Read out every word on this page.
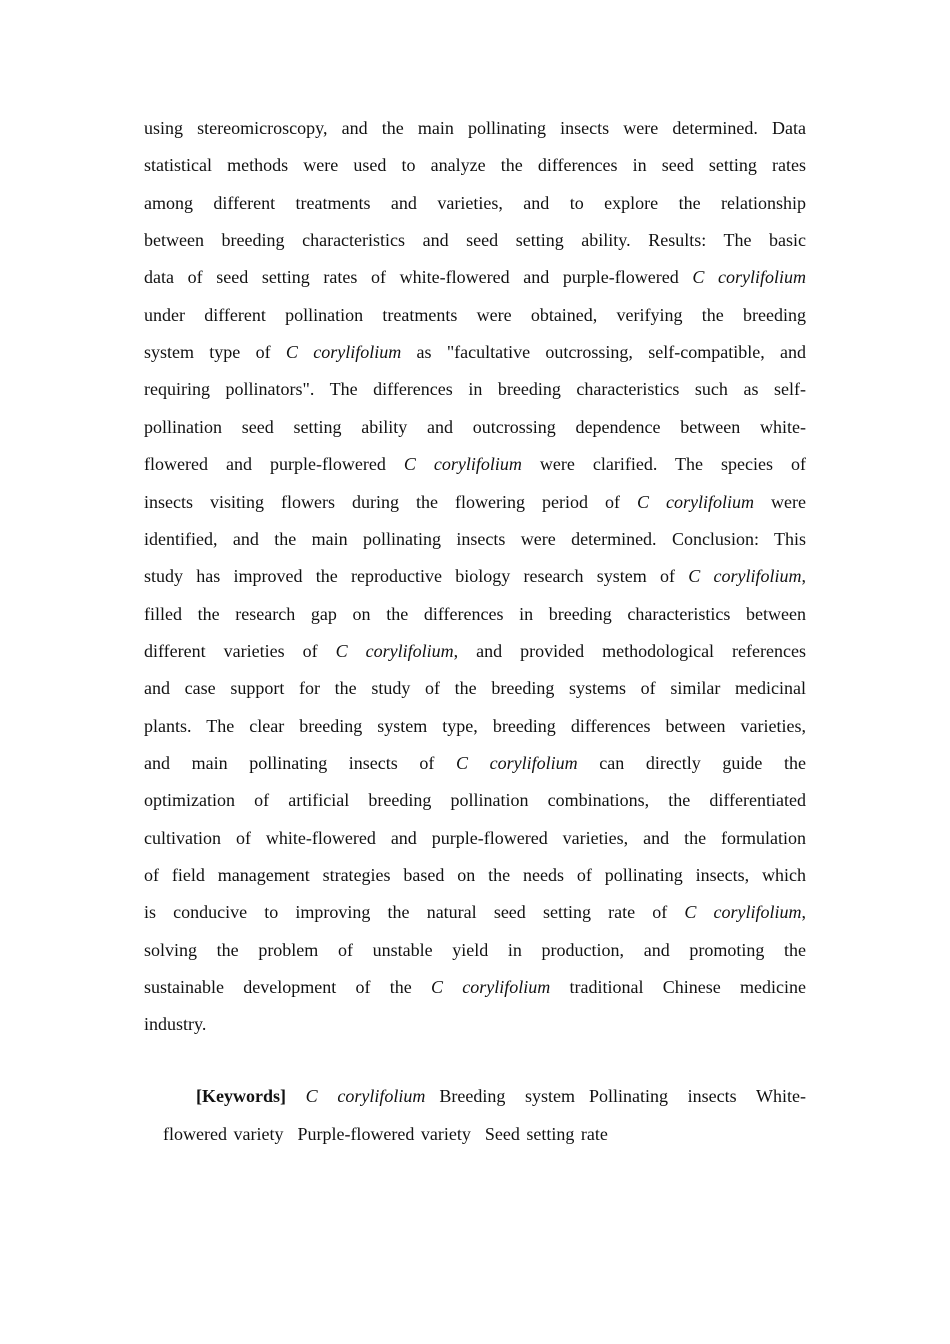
using stereomicroscopy, and the main pollinating insects were determined. Data
statistical methods were used to analyze the differences in seed setting rates
among different treatments and varieties, and to explore the relationship
between breeding characteristics and seed setting ability. Results: The basic
data of seed setting rates of white-flowered and purple-flowered C corylifolium
under different pollination treatments were obtained, verifying the breeding
system type of C corylifolium as "facultative outcrossing, self-compatible, and
requiring pollinators". The differences in breeding characteristics such as self-
pollination seed setting ability and outcrossing dependence between white-
flowered and purple-flowered C corylifolium were clarified. The species of
insects visiting flowers during the flowering period of C corylifolium were
identified, and the main pollinating insects were determined. Conclusion: This
study has improved the reproductive biology research system of C corylifolium,
filled the research gap on the differences in breeding characteristics between
different varieties of C corylifolium, and provided methodological references
and case support for the study of the breeding systems of similar medicinal
plants. The clear breeding system type, breeding differences between varieties,
and main pollinating insects of C corylifolium can directly guide the
optimization of artificial breeding pollination combinations, the differentiated
cultivation of white-flowered and purple-flowered varieties, and the formulation
of field management strategies based on the needs of pollinating insects, which
is conducive to improving the natural seed setting rate of C corylifolium,
solving the problem of unstable yield in production, and promoting the
sustainable development of the C corylifolium traditional Chinese medicine
industry.
[Keywords] C corylifolium Breeding system Pollinating insects White-
flowered variety Purple-flowered variety Seed setting rate
